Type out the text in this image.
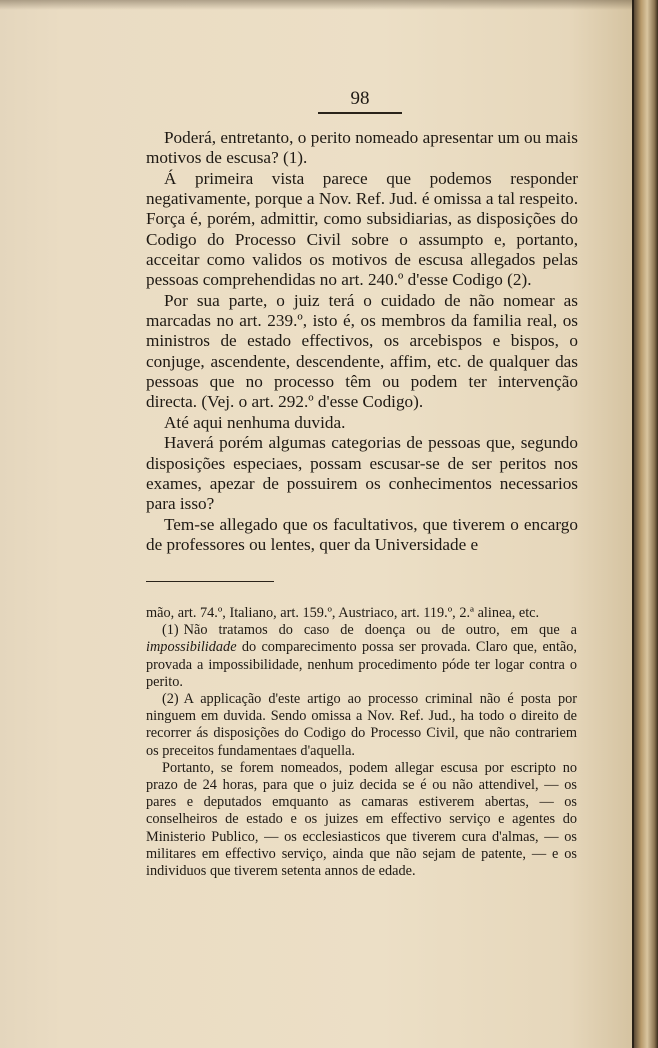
98

Poderá, entretanto, o perito nomeado apresentar um ou mais motivos de escusa? (1).

Á primeira vista parece que podemos responder negativamente, porque a Nov. Ref. Jud. é omissa a tal respeito. Força é, porém, admittir, como subsidiarias, as disposições do Codigo do Processo Civil sobre o assumpto e, portanto, acceitar como validos os motivos de escusa allegados pelas pessoas comprehendidas no art. 240.º d'esse Codigo (2).

Por sua parte, o juiz terá o cuidado de não nomear as marcadas no art. 239.º, isto é, os membros da familia real, os ministros de estado effectivos, os arcebispos e bispos, o conjuge, ascendente, descendente, affim, etc. de qualquer das pessoas que no processo têm ou podem ter intervenção directa. (Vej. o art. 292.º d'esse Codigo).

Até aqui nenhuma duvida.

Haverá porém algumas categorias de pessoas que, segundo disposições especiaes, possam escusar-se de ser peritos nos exames, apezar de possuirem os conhecimentos necessarios para isso?

Tem-se allegado que os facultativos, que tiverem o encargo de professores ou lentes, quer da Universidade e

mão, art. 74.º, Italiano, art. 159.º, Austriaco, art. 119.º, 2.ª alinea, etc.

(1) Não tratamos do caso de doença ou de outro, em que a impossibilidade do comparecimento possa ser provada. Claro que, então, provada a impossibilidade, nenhum procedimento póde ter logar contra o perito.

(2) A applicação d'este artigo ao processo criminal não é posta por ninguem em duvida. Sendo omissa a Nov. Ref. Jud., ha todo o direito de recorrer ás disposições do Codigo do Processo Civil, que não contrariem os preceitos fundamentaes d'aquella.

Portanto, se forem nomeados, podem allegar escusa por escripto no prazo de 24 horas, para que o juiz decida se é ou não attendivel, — os pares e deputados emquanto as camaras estiverem abertas, — os conselheiros de estado e os juizes em effectivo serviço e agentes do Ministerio Publico, — os ecclesiasticos que tiverem cura d'almas, — os militares em effectivo serviço, ainda que não sejam de patente, — e os individuos que tiverem setenta annos de edade.
